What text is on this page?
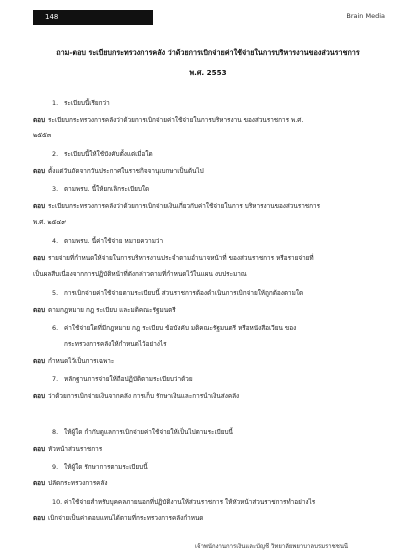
148	Brain Media
ถาม-ตอบ ระเบียบกระทรวงการคลัง ว่าด้วยการเบิกจ่ายค่าใช้จ่ายในการบริหารงานของส่วนราชการ
พ.ศ. 2553
1. ระเบียบนี้เรียกว่า
ตอบ ระเบียบกระทรวงการคลังว่าด้วยการเบิกจ่ายค่าใช้จ่ายในการบริหารงาน ของส่วนราชการ พ.ศ.
๒๕๕๓
2. ระเบียบนี้ให้ใช้บังคับตั้งแต่เมื่อใด
ตอบ ตั้งแต่วันถัดจากวันประกาศในราชกิจจานุเบกษาเป็นต้นไป
3. ตามพรบ. นี้ให้ยกเลิกระเบียบใด
ตอบ ระเบียบกระทรวงการคลังว่าด้วยการเบิกจ่ายเงินเกี่ยวกับค่าใช้จ่ายในการ บริหารงานของส่วนราชการ
พ.ศ. ๒๕๔๙
4. ตามพรบ. นี้ค่าใช้จ่าย หมายความว่า
ตอบ รายจ่ายที่กำหนดให้จ่ายในการบริหารงานประจำตามอำนาจหน้าที่ ของส่วนราชการ หรือรายจ่ายที่
เป็นผลสืบเนื่องจากการปฏิบัติหน้าที่ดังกล่าวตามที่กำหนดไว้ในแผน งบประมาณ
5. การเบิกจ่ายค่าใช้จ่ายตามระเบียบนี้ ส่วนราชการต้องดำเนินการเบิกจ่ายให้ถูกต้องตามใด
ตอบ ตามกฎหมาย กฎ ระเบียบ และมติคณะรัฐมนตรี
6. ค่าใช้จ่ายใดที่มีกฎหมาย กฎ ระเบียบ ข้อบังคับ มติคณะรัฐมนตรี หรือหนังสือเวียน ของ
กระทรวงการคลังให้กำหนดไว้อย่างไร
ตอบ กำหนดไว้เป็นการเฉพาะ
7. หลักฐานการจ่ายให้ถือปฏิบัติตามระเบียบว่าด้วย
ตอบ ว่าด้วยการเบิกจ่ายเงินจากคลัง การเก็บ รักษาเงินและการนำเงินส่งคลัง
8. ให้ผู้ใด กำกับดูแลการเบิกจ่ายค่าใช้จ่ายให้เป็นไปตามระเบียบนี้
ตอบ หัวหน้าส่วนราชการ
9. ให้ผู้ใด รักษาการตามระเบียบนี้
ตอบ ปลัดกระทรวงการคลัง
10. ค่าใช้จ่ายสำหรับบุคคลภายนอกที่ปฏิบัติงานให้ส่วนราชการ ให้หัวหน้าส่วนราชการทำอย่างไร
ตอบ เบิกจ่ายเป็นค่าตอบแทนได้ตามที่กระทรวงการคลังกำหนด
เจ้าพนักงานการเงินและบัญชี วิทยาลัยพยาบาลบรมราชชนนี
